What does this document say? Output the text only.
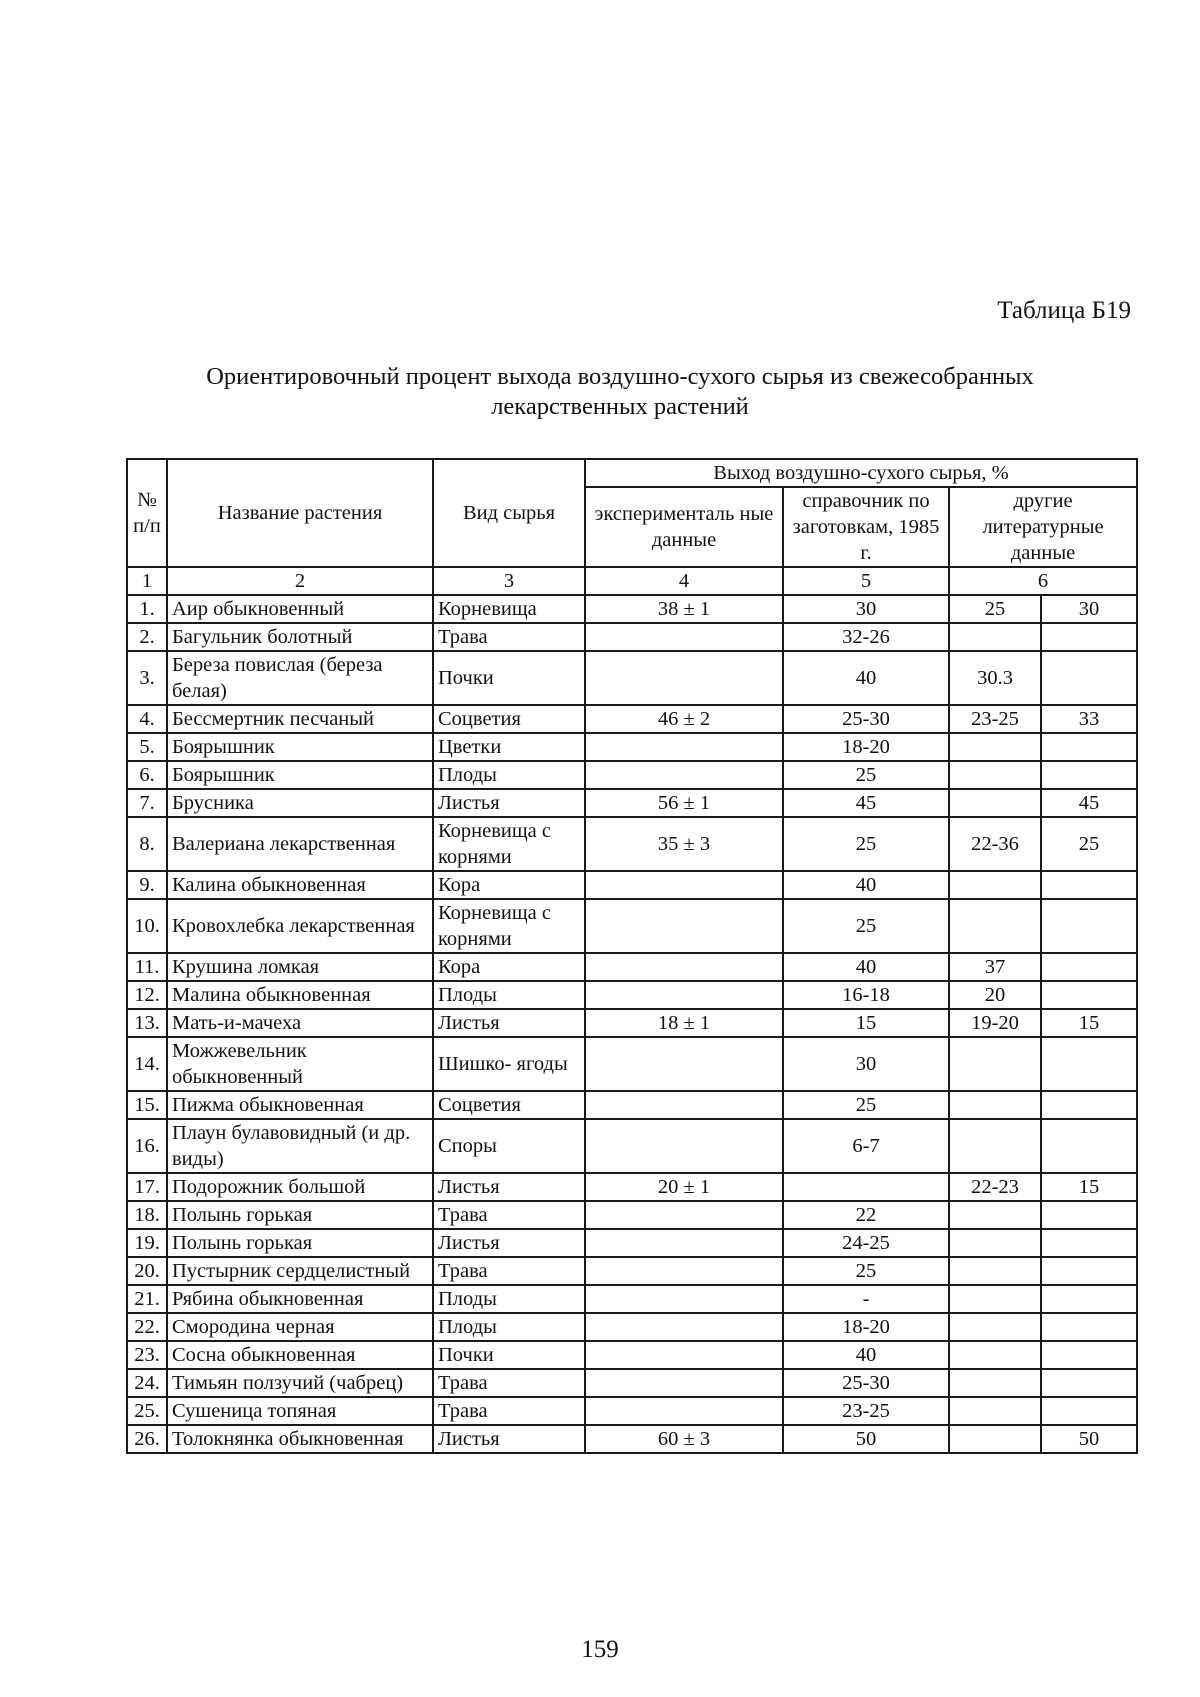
Таблица Б19
Ориентировочный процент выхода воздушно-сухого сырья из свежесобранных лекарственных растений
№ п/п	Название растения	Вид сырья	Выход воздушно-сухого сырья, %			
			эксперименталь ные данные	справочник по заготовкам, 1985 г.	другие литературные данные	
1	2	3	4	5	6	
1.	Аир обыкновенный	Корневища	38 ± 1	30	25	30
2.	Багульник болотный	Трава		32-26		
3.	Береза повислая (береза белая)	Почки		40	30.3	
4.	Бессмертник песчаный	Соцветия	46 ± 2	25-30	23-25	33
5.	Боярышник	Цветки		18-20		
6.	Боярышник	Плоды		25		
7.	Брусника	Листья	56 ± 1	45		45
8.	Валериана лекарственная	Корневища с корнями	35 ± 3	25	22-36	25
9.	Калина обыкновенная	Кора		40		
10.	Кровохлебка лекарственная	Корневища с корнями		25		
11.	Крушина ломкая	Кора		40	37	
12.	Малина обыкновенная	Плоды		16-18	20	
13.	Мать-и-мачеха	Листья	18 ± 1	15	19-20	15
14.	Можжевельник обыкновенный	Шишко- ягоды		30		
15.	Пижма обыкновенная	Соцветия		25		
16.	Плаун булавовидный (и др. виды)	Споры		6-7		
17.	Подорожник большой	Листья	20 ± 1		22-23	15
18.	Полынь горькая	Трава		22		
19.	Полынь горькая	Листья		24-25		
20.	Пустырник сердцелистный	Трава		25		
21.	Рябина обыкновенная	Плоды		-		
22.	Смородина черная	Плоды		18-20		
23.	Сосна обыкновенная	Почки		40		
24.	Тимьян ползучий (чабрец)	Трава		25-30		
25.	Сушеница топяная	Трава		23-25		
26.	Толокнянка обыкновенная	Листья	60 ± 3	50		50
159
